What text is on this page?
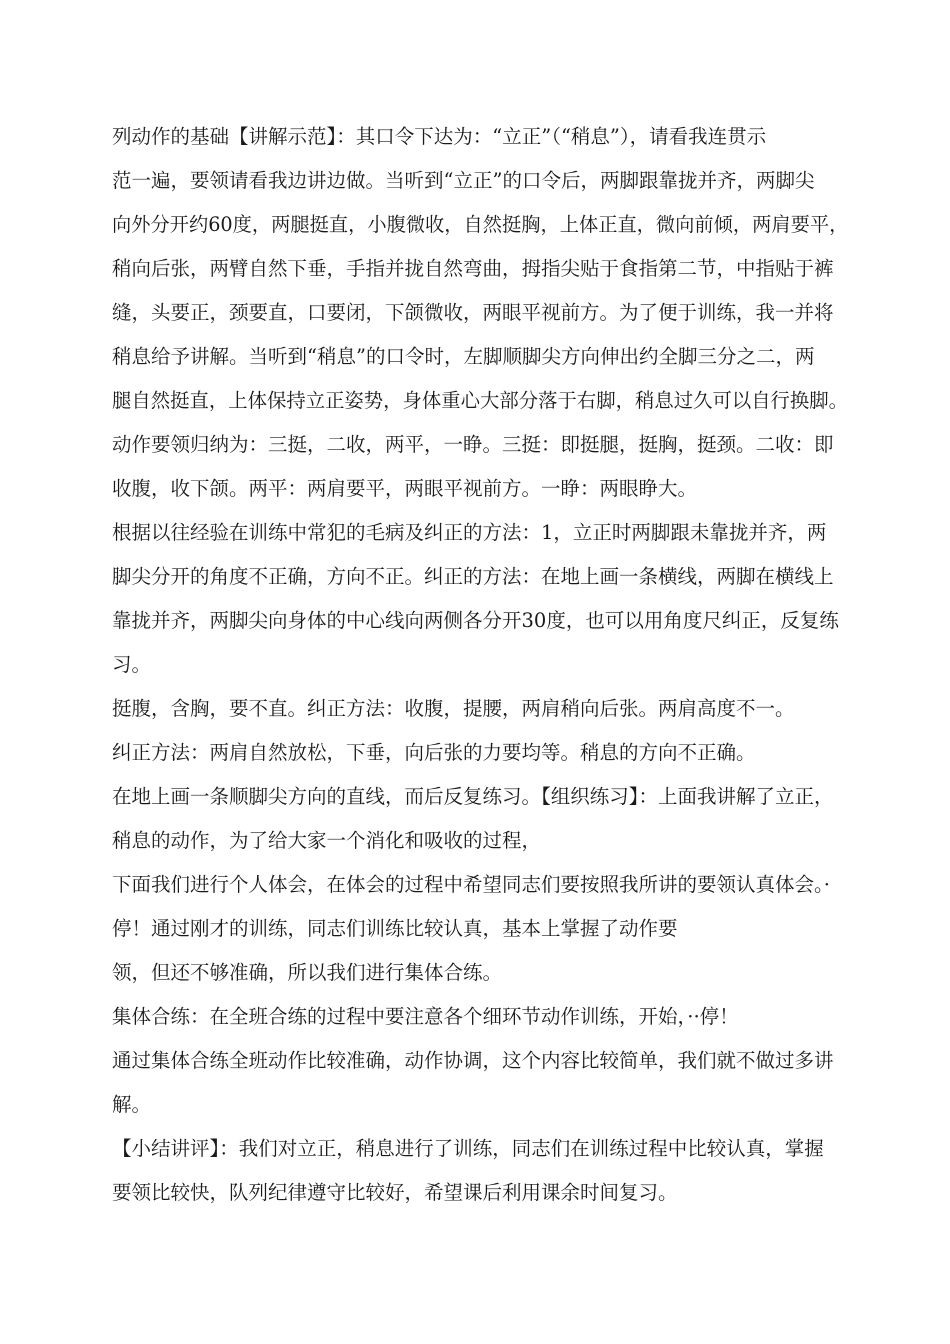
列动作的基础【讲解示范】：其口令下达为：“立正”（“稍息”），请看我连贯示
范一遍，要领请看我边讲边做。当听到“立正”的口令后，两脚跟靠拢并齐，两脚尖
向外分开约60度，两腿挺直，小腹微收，自然挺胸，上体正直，微向前倾，两肩要平，
稍向后张，两臂自然下垂，手指并拢自然弯曲，拇指尖贴于食指第二节，中指贴于裤
缝，头要正，颈要直，口要闭，下颌微收，两眼平视前方。为了便于训练，我一并将
稍息给予讲解。当听到“稍息”的口令时，左脚顺脚尖方向伸出约全脚三分之二，两
腿自然挺直，上体保持立正姿势，身体重心大部分落于右脚，稍息过久可以自行换脚。
动作要领归纳为：三挺，二收，两平，一睁。三挺：即挺腿，挺胸，挺颈。二收：即
收腹，收下颌。两平：两肩要平，两眼平视前方。一睁：两眼睁大。
根据以往经验在训练中常犯的毛病及纠正的方法：1，立正时两脚跟未靠拢并齐，两
脚尖分开的角度不正确，方向不正。纠正的方法：在地上画一条横线，两脚在横线上
靠拢并齐，两脚尖向身体的中心线向两侧各分开30度，也可以用角度尺纠正，反复练
习。
挺腹，含胸，要不直。纠正方法：收腹，提腰，两肩稍向后张。两肩高度不一。
纠正方法：两肩自然放松，下垂，向后张的力要均等。稍息的方向不正确。
在地上画一条顺脚尖方向的直线，而后反复练习。【组织练习】：上面我讲解了立正，
稍息的动作，为了给大家一个消化和吸收的过程，
下面我们进行个人体会，在体会的过程中希望同志们要按照我所讲的要领认真体会。·
停！通过刚才的训练，同志们训练比较认真，基本上掌握了动作要
领，但还不够准确，所以我们进行集体合练。
集体合练：在全班合练的过程中要注意各个细环节动作训练，开始，··停！
通过集体合练全班动作比较准确，动作协调，这个内容比较简单，我们就不做过多讲
解。
【小结讲评】：我们对立正，稍息进行了训练，同志们在训练过程中比较认真，掌握
要领比较快，队列纪律遵守比较好，希望课后利用课余时间复习。
